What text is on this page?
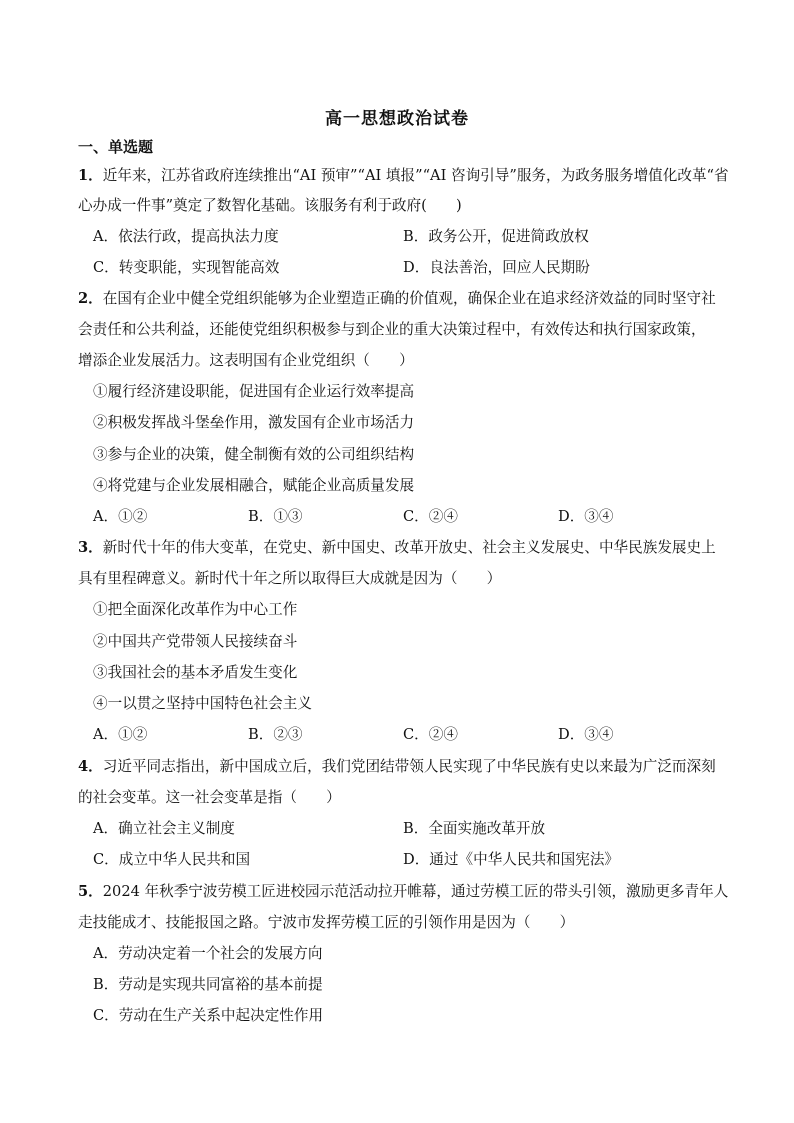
高一思想政治试卷
一、单选题
1．近年来，江苏省政府连续推出“AI 预审”“AI 填报”“AI 咨询引导”服务，为政务服务增值化改革“省
心办成一件事”奠定了数智化基础。该服务有利于政府(　　)
A．依法行政，提高执法力度	B．政务公开，促进简政放权
C．转变职能，实现智能高效	D．良法善治，回应人民期盼
2．在国有企业中健全党组织能够为企业塑造正确的价值观，确保企业在追求经济效益的同时坚守社
会责任和公共利益，还能使党组织积极参与到企业的重大决策过程中，有效传达和执行国家政策，
增添企业发展活力。这表明国有企业党组织（　　）
①履行经济建设职能，促进国有企业运行效率提高
②积极发挥战斗堡垒作用，激发国有企业市场活力
③参与企业的决策，健全制衡有效的公司组织结构
④将党建与企业发展相融合，赋能企业高质量发展
A．①②	B．①③	C．②④	D．③④
3．新时代十年的伟大变革，在党史、新中国史、改革开放史、社会主义发展史、中华民族发展史上
具有里程碑意义。新时代十年之所以取得巨大成就是因为（　　）
①把全面深化改革作为中心工作
②中国共产党带领人民接续奋斗
③我国社会的基本矛盾发生变化
④一以贯之坚持中国特色社会主义
A．①②	B．②③	C．②④	D．③④
4．习近平同志指出，新中国成立后，我们党团结带领人民实现了中华民族有史以来最为广泛而深刻
的社会变革。这一社会变革是指（　　）
A．确立社会主义制度	B．全面实施改革开放
C．成立中华人民共和国	D．通过《中华人民共和国宪法》
5．2024 年秋季宁波劳模工匠进校园示范活动拉开帷幕，通过劳模工匠的带头引领，激励更多青年人
走技能成才、技能报国之路。宁波市发挥劳模工匠的引领作用是因为（　　）
A．劳动决定着一个社会的发展方向
B．劳动是实现共同富裕的基本前提
C．劳动在生产关系中起决定性作用
